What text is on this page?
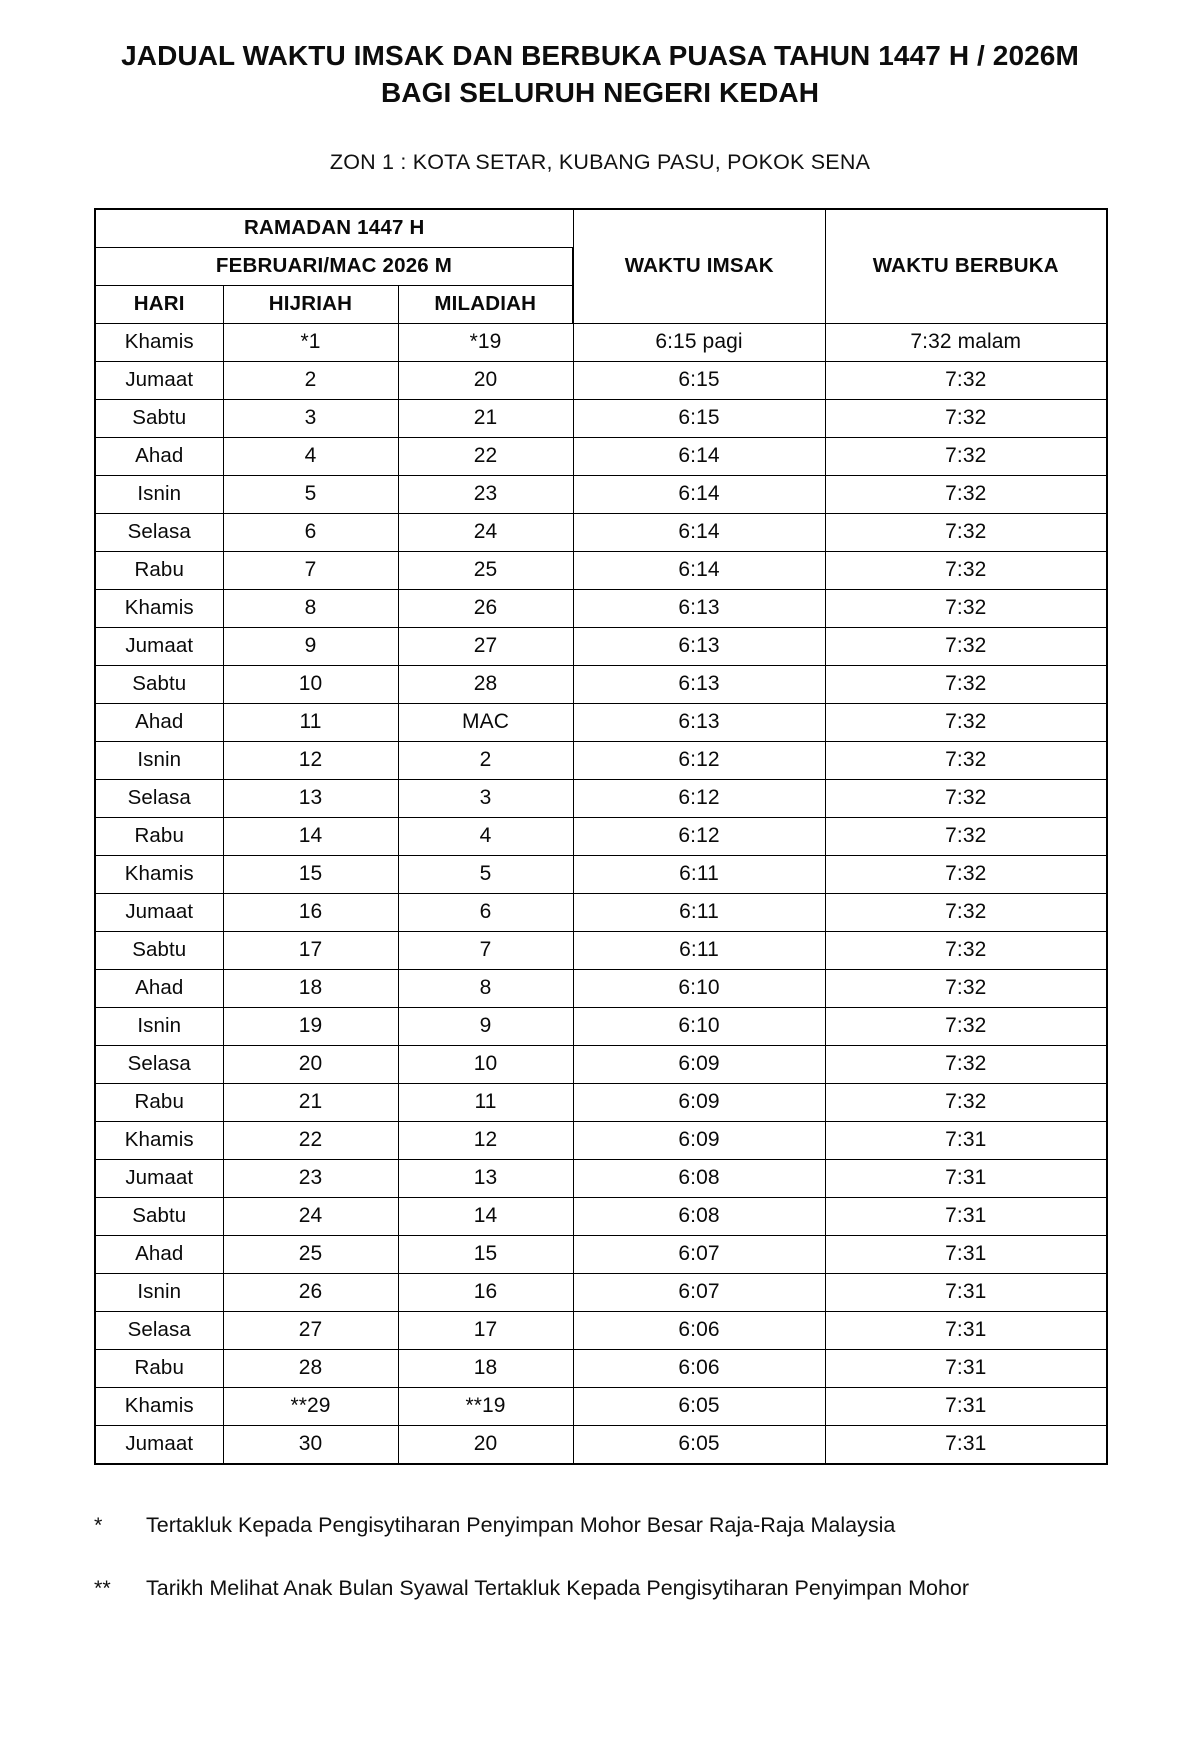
JADUAL WAKTU IMSAK DAN BERBUKA PUASA TAHUN 1447 H / 2026M
BAGI SELURUH NEGERI KEDAH
ZON 1 : KOTA SETAR, KUBANG PASU, POKOK SENA
RAMADAN 1447 H			WAKTU IMSAK	WAKTU BERBUKA
FEBRUARI/MAC 2026 M				
HARI	HIJRIAH	MILADIAH		
Khamis	*1	*19	6:15 pagi	7:32 malam
Jumaat	2	20	6:15	7:32
Sabtu	3	21	6:15	7:32
Ahad	4	22	6:14	7:32
Isnin	5	23	6:14	7:32
Selasa	6	24	6:14	7:32
Rabu	7	25	6:14	7:32
Khamis	8	26	6:13	7:32
Jumaat	9	27	6:13	7:32
Sabtu	10	28	6:13	7:32
Ahad	11	MAC	6:13	7:32
Isnin	12	2	6:12	7:32
Selasa	13	3	6:12	7:32
Rabu	14	4	6:12	7:32
Khamis	15	5	6:11	7:32
Jumaat	16	6	6:11	7:32
Sabtu	17	7	6:11	7:32
Ahad	18	8	6:10	7:32
Isnin	19	9	6:10	7:32
Selasa	20	10	6:09	7:32
Rabu	21	11	6:09	7:32
Khamis	22	12	6:09	7:31
Jumaat	23	13	6:08	7:31
Sabtu	24	14	6:08	7:31
Ahad	25	15	6:07	7:31
Isnin	26	16	6:07	7:31
Selasa	27	17	6:06	7:31
Rabu	28	18	6:06	7:31
Khamis	**29	**19	6:05	7:31
Jumaat	30	20	6:05	7:31
*	Tertakluk Kepada Pengisytiharan Penyimpan Mohor Besar Raja-Raja Malaysia
**	Tarikh Melihat Anak Bulan Syawal Tertakluk Kepada Pengisytiharan Penyimpan Mohor
